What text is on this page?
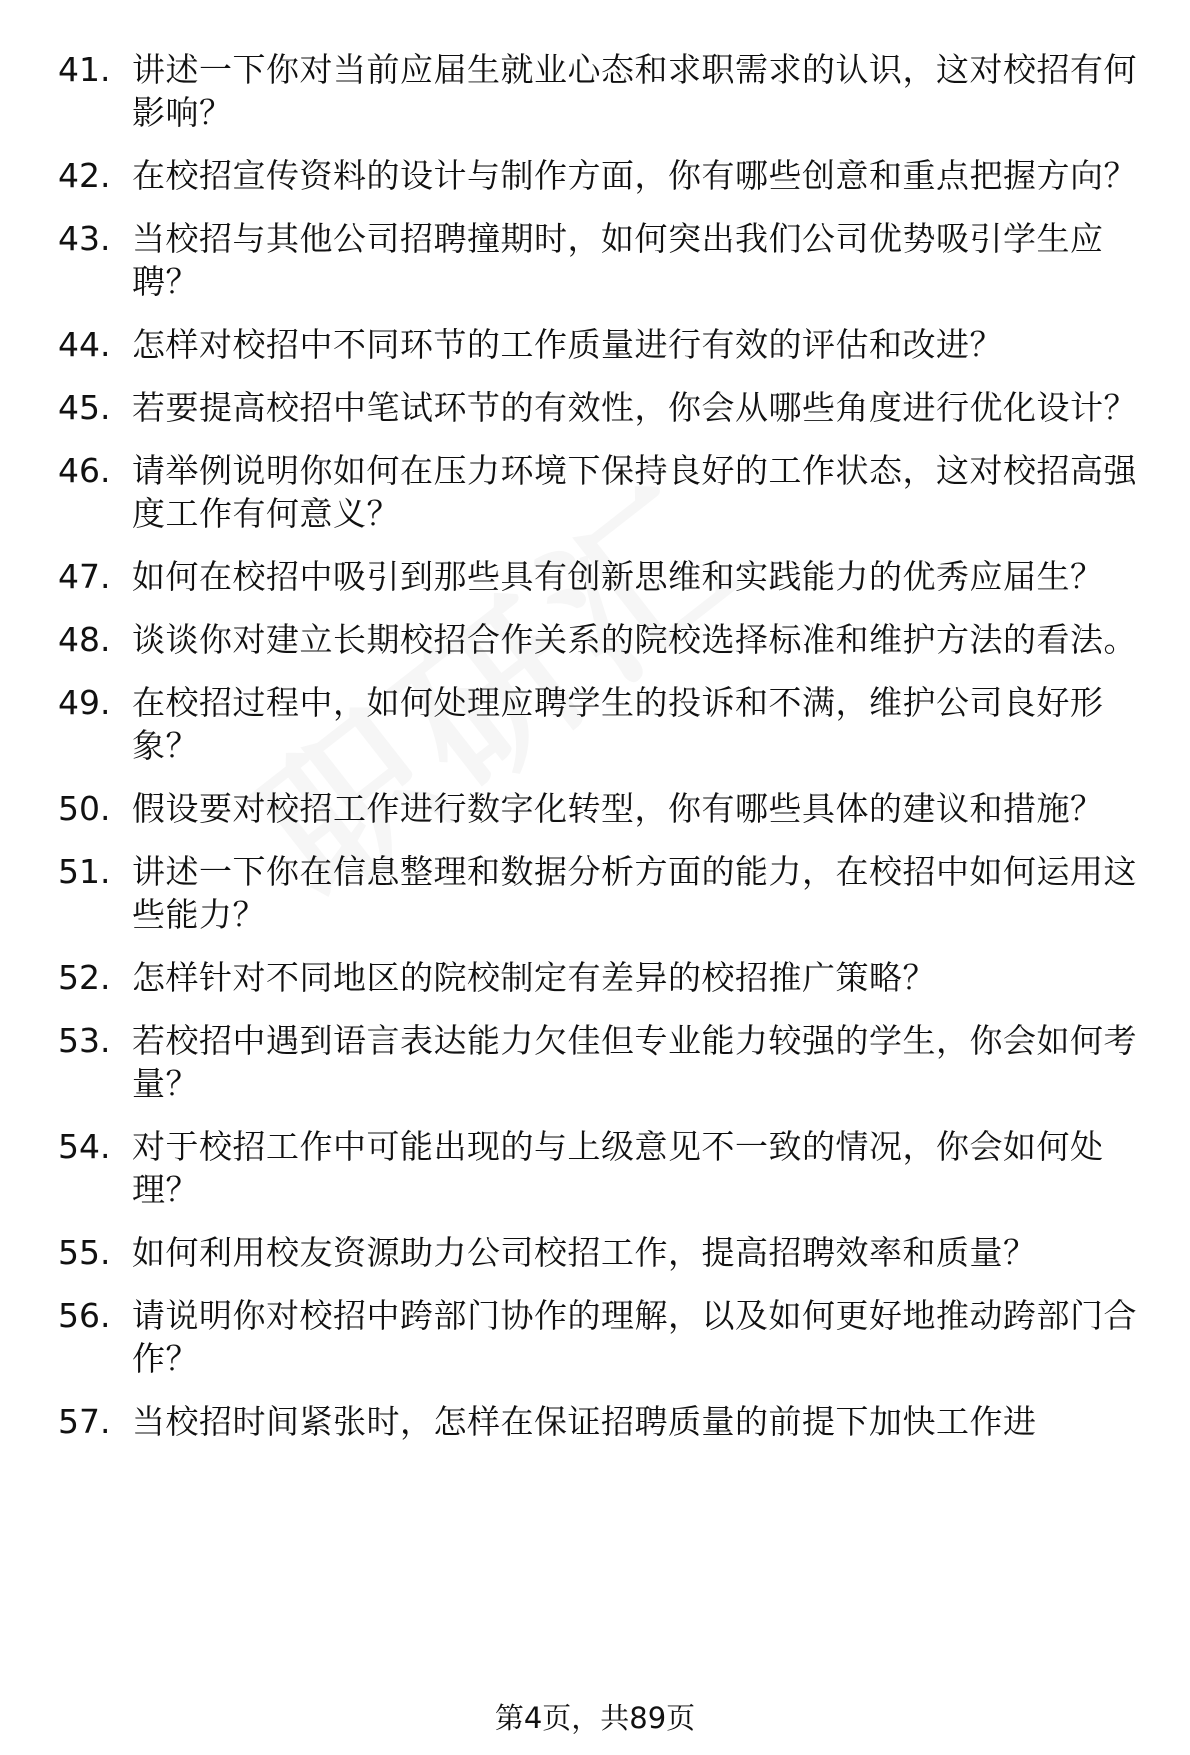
41. 讲述一下你对当前应届生就业心态和求职需求的认识，这对校招有何影响？
42. 在校招宣传资料的设计与制作方面，你有哪些创意和重点把握方向？
43. 当校招与其他公司招聘撞期时，如何突出我们公司优势吸引学生应聘？
44. 怎样对校招中不同环节的工作质量进行有效的评估和改进？
45. 若要提高校招中笔试环节的有效性，你会从哪些角度进行优化设计？
46. 请举例说明你如何在压力环境下保持良好的工作状态，这对校招高强度工作有何意义？
47. 如何在校招中吸引到那些具有创新思维和实践能力的优秀应届生？
48. 谈谈你对建立长期校招合作关系的院校选择标准和维护方法的看法。
49. 在校招过程中，如何处理应聘学生的投诉和不满，维护公司良好形象？
50. 假设要对校招工作进行数字化转型，你有哪些具体的建议和措施？
51. 讲述一下你在信息整理和数据分析方面的能力，在校招中如何运用这些能力？
52. 怎样针对不同地区的院校制定有差异的校招推广策略？
53. 若校招中遇到语言表达能力欠佳但专业能力较强的学生，你会如何考量？
54. 对于校招工作中可能出现的与上级意见不一致的情况，你会如何处理？
55. 如何利用校友资源助力公司校招工作，提高招聘效率和质量？
56. 请说明你对校招中跨部门协作的理解，以及如何更好地推动跨部门合作？
57. 当校招时间紧张时，怎样在保证招聘质量的前提下加快工作进
第4页，共89页
